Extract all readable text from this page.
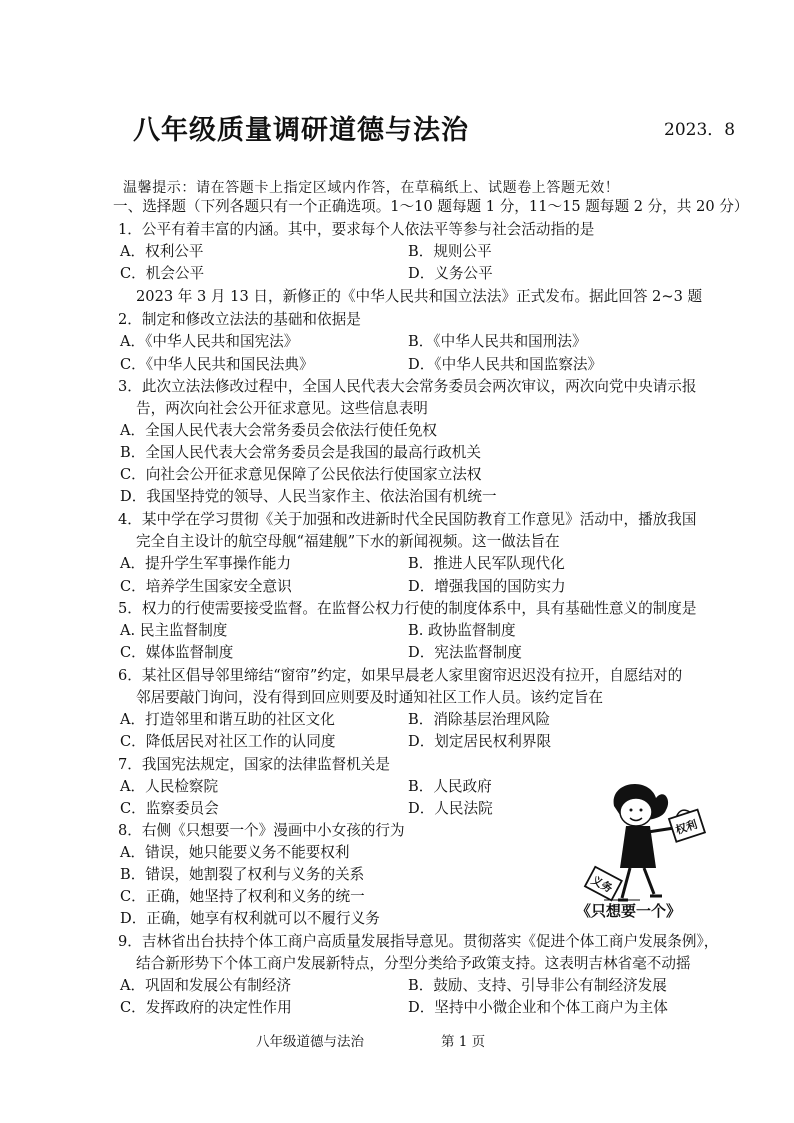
八年级质量调研道德与法治	2023．8
温馨提示：请在答题卡上指定区域内作答，在草稿纸上、试题卷上答题无效！
一、选择题（下列各题只有一个正确选项。1～10 题每题 1 分，11～15 题每题 2 分，共 20 分）
1．公平有着丰富的内涵。其中，要求每个人依法平等参与社会活动指的是
A．权利公平	B．规则公平
C．机会公平	D．义务公平
2023 年 3 月 13 日，新修正的《中华人民共和国立法法》正式发布。据此回答 2~3 题
2．制定和修改立法法的基础和依据是
A．《中华人民共和国宪法》	B．《中华人民共和国刑法》
C．《中华人民共和国民法典》	D．《中华人民共和国监察法》
3．此次立法法修改过程中，全国人民代表大会常务委员会两次审议，两次向党中央请示报
告，两次向社会公开征求意见。这些信息表明
A．全国人民代表大会常务委员会依法行使任免权
B．全国人民代表大会常务委员会是我国的最高行政机关
C．向社会公开征求意见保障了公民依法行使国家立法权
D．我国坚持党的领导、人民当家作主、依法治国有机统一
4．某中学在学习贯彻《关于加强和改进新时代全民国防教育工作意见》活动中，播放我国
完全自主设计的航空母舰“福建舰”下水的新闻视频。这一做法旨在
A．提升学生军事操作能力	B．推进人民军队现代化
C．培养学生国家安全意识	D．增强我国的国防实力
5．权力的行使需要接受监督。在监督公权力行使的制度体系中，具有基础性意义的制度是
A. 民主监督制度	B. 政协监督制度
C．媒体监督制度	D．宪法监督制度
6．某社区倡导邻里缔结“窗帘”约定，如果早晨老人家里窗帘迟迟没有拉开，自愿结对的
邻居要敲门询问，没有得到回应则要及时通知社区工作人员。该约定旨在
A．打造邻里和谐互助的社区文化	B．消除基层治理风险
C．降低居民对社区工作的认同度	D．划定居民权利界限
7．我国宪法规定，国家的法律监督机关是
A．人民检察院	B．人民政府
C．监察委员会	D．人民法院
8．右侧《只想要一个》漫画中小女孩的行为
A．错误，她只能要义务不能要权利
B．错误，她割裂了权利与义务的关系
C．正确，她坚持了权利和义务的统一
D．正确，她享有权利就可以不履行义务
权利
义务
《只想要一个》
9．吉林省出台扶持个体工商户高质量发展指导意见。贯彻落实《促进个体工商户发展条例》，
结合新形势下个体工商户发展新特点，分型分类给予政策支持。这表明吉林省毫不动摇
A．巩固和发展公有制经济	B．鼓励、支持、引导非公有制经济发展
C．发挥政府的决定性作用	D．坚持中小微企业和个体工商户为主体
八年级道德与法治	第 1 页
